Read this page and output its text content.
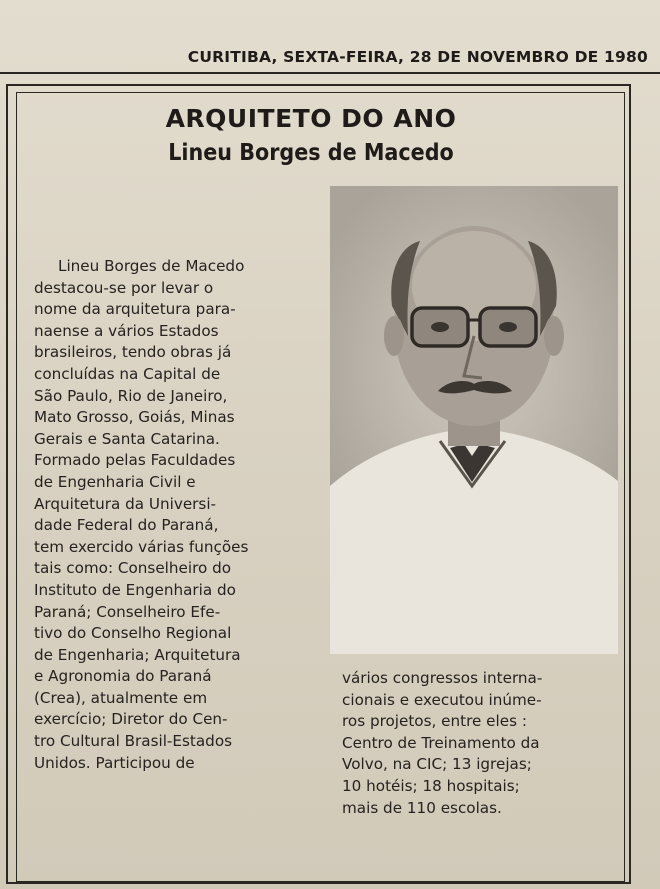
CURITIBA, SEXTA-FEIRA, 28 DE NOVEMBRO DE 1980
ARQUITETO DO ANO
Lineu Borges de Macedo

Lineu Borges de Macedo

destacou-se por levar o

nome da arquitetura para-

naense a vários Estados

brasileiros, tendo obras já

concluídas na Capital de

São Paulo, Rio de Janeiro,

Mato Grosso, Goiás, Minas

Gerais e Santa Catarina.

Formado pelas Faculdades

de Engenharia Civil e

Arquitetura da Universi-

dade Federal do Paraná,

tem exercido várias funções

tais como: Conselheiro do

Instituto de Engenharia do

Paraná; Conselheiro Efe-

tivo do Conselho Regional

de Engenharia; Arquitetura

e Agronomia do Paraná

(Crea), atualmente em

exercício; Diretor do Cen-

tro Cultural Brasil-Estados

Unidos. Participou de

vários congressos interna-

cionais e executou inúme-

ros projetos, entre eles :

Centro de Treinamento da

Volvo, na CIC; 13 igrejas;

10 hotéis; 18 hospitais;

mais de 110 escolas.
